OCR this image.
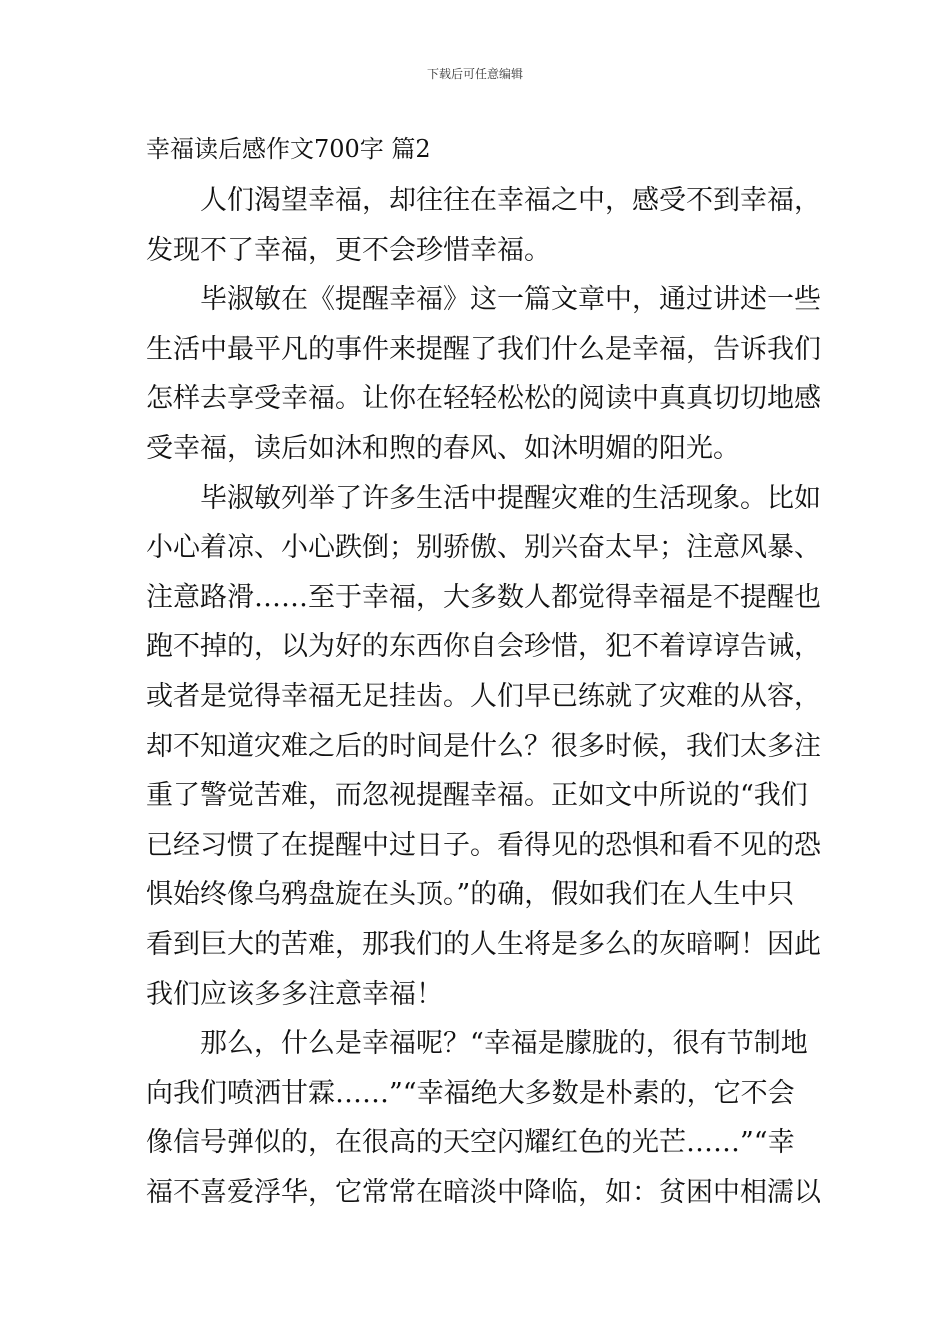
下载后可任意编辑
幸福读后感作文700字 篇2
人们渴望幸福，却往往在幸福之中，感受不到幸福，
发现不了幸福，更不会珍惜幸福。
毕淑敏在《提醒幸福》这一篇文章中，通过讲述一些
生活中最平凡的事件来提醒了我们什么是幸福，告诉我们
怎样去享受幸福。让你在轻轻松松的阅读中真真切切地感
受幸福，读后如沐和煦的春风、如沐明媚的阳光。
毕淑敏列举了许多生活中提醒灾难的生活现象。比如
小心着凉、小心跌倒；别骄傲、别兴奋太早；注意风暴、
注意路滑……至于幸福，大多数人都觉得幸福是不提醒也
跑不掉的，以为好的东西你自会珍惜，犯不着谆谆告诫，
或者是觉得幸福无足挂齿。人们早已练就了灾难的从容，
却不知道灾难之后的时间是什么？很多时候，我们太多注
重了警觉苦难，而忽视提醒幸福。正如文中所说的“我们
已经习惯了在提醒中过日子。看得见的恐惧和看不见的恐
惧始终像乌鸦盘旋在头顶。”的确，假如我们在人生中只
看到巨大的苦难，那我们的人生将是多么的灰暗啊！因此
我们应该多多注意幸福！
那么，什么是幸福呢？“幸福是朦胧的，很有节制地
向我们喷洒甘霖……”“幸福绝大多数是朴素的，它不会
像信号弹似的，在很高的天空闪耀红色的光芒……”“幸
福不喜爱浮华，它常常在暗淡中降临，如：贫困中相濡以
